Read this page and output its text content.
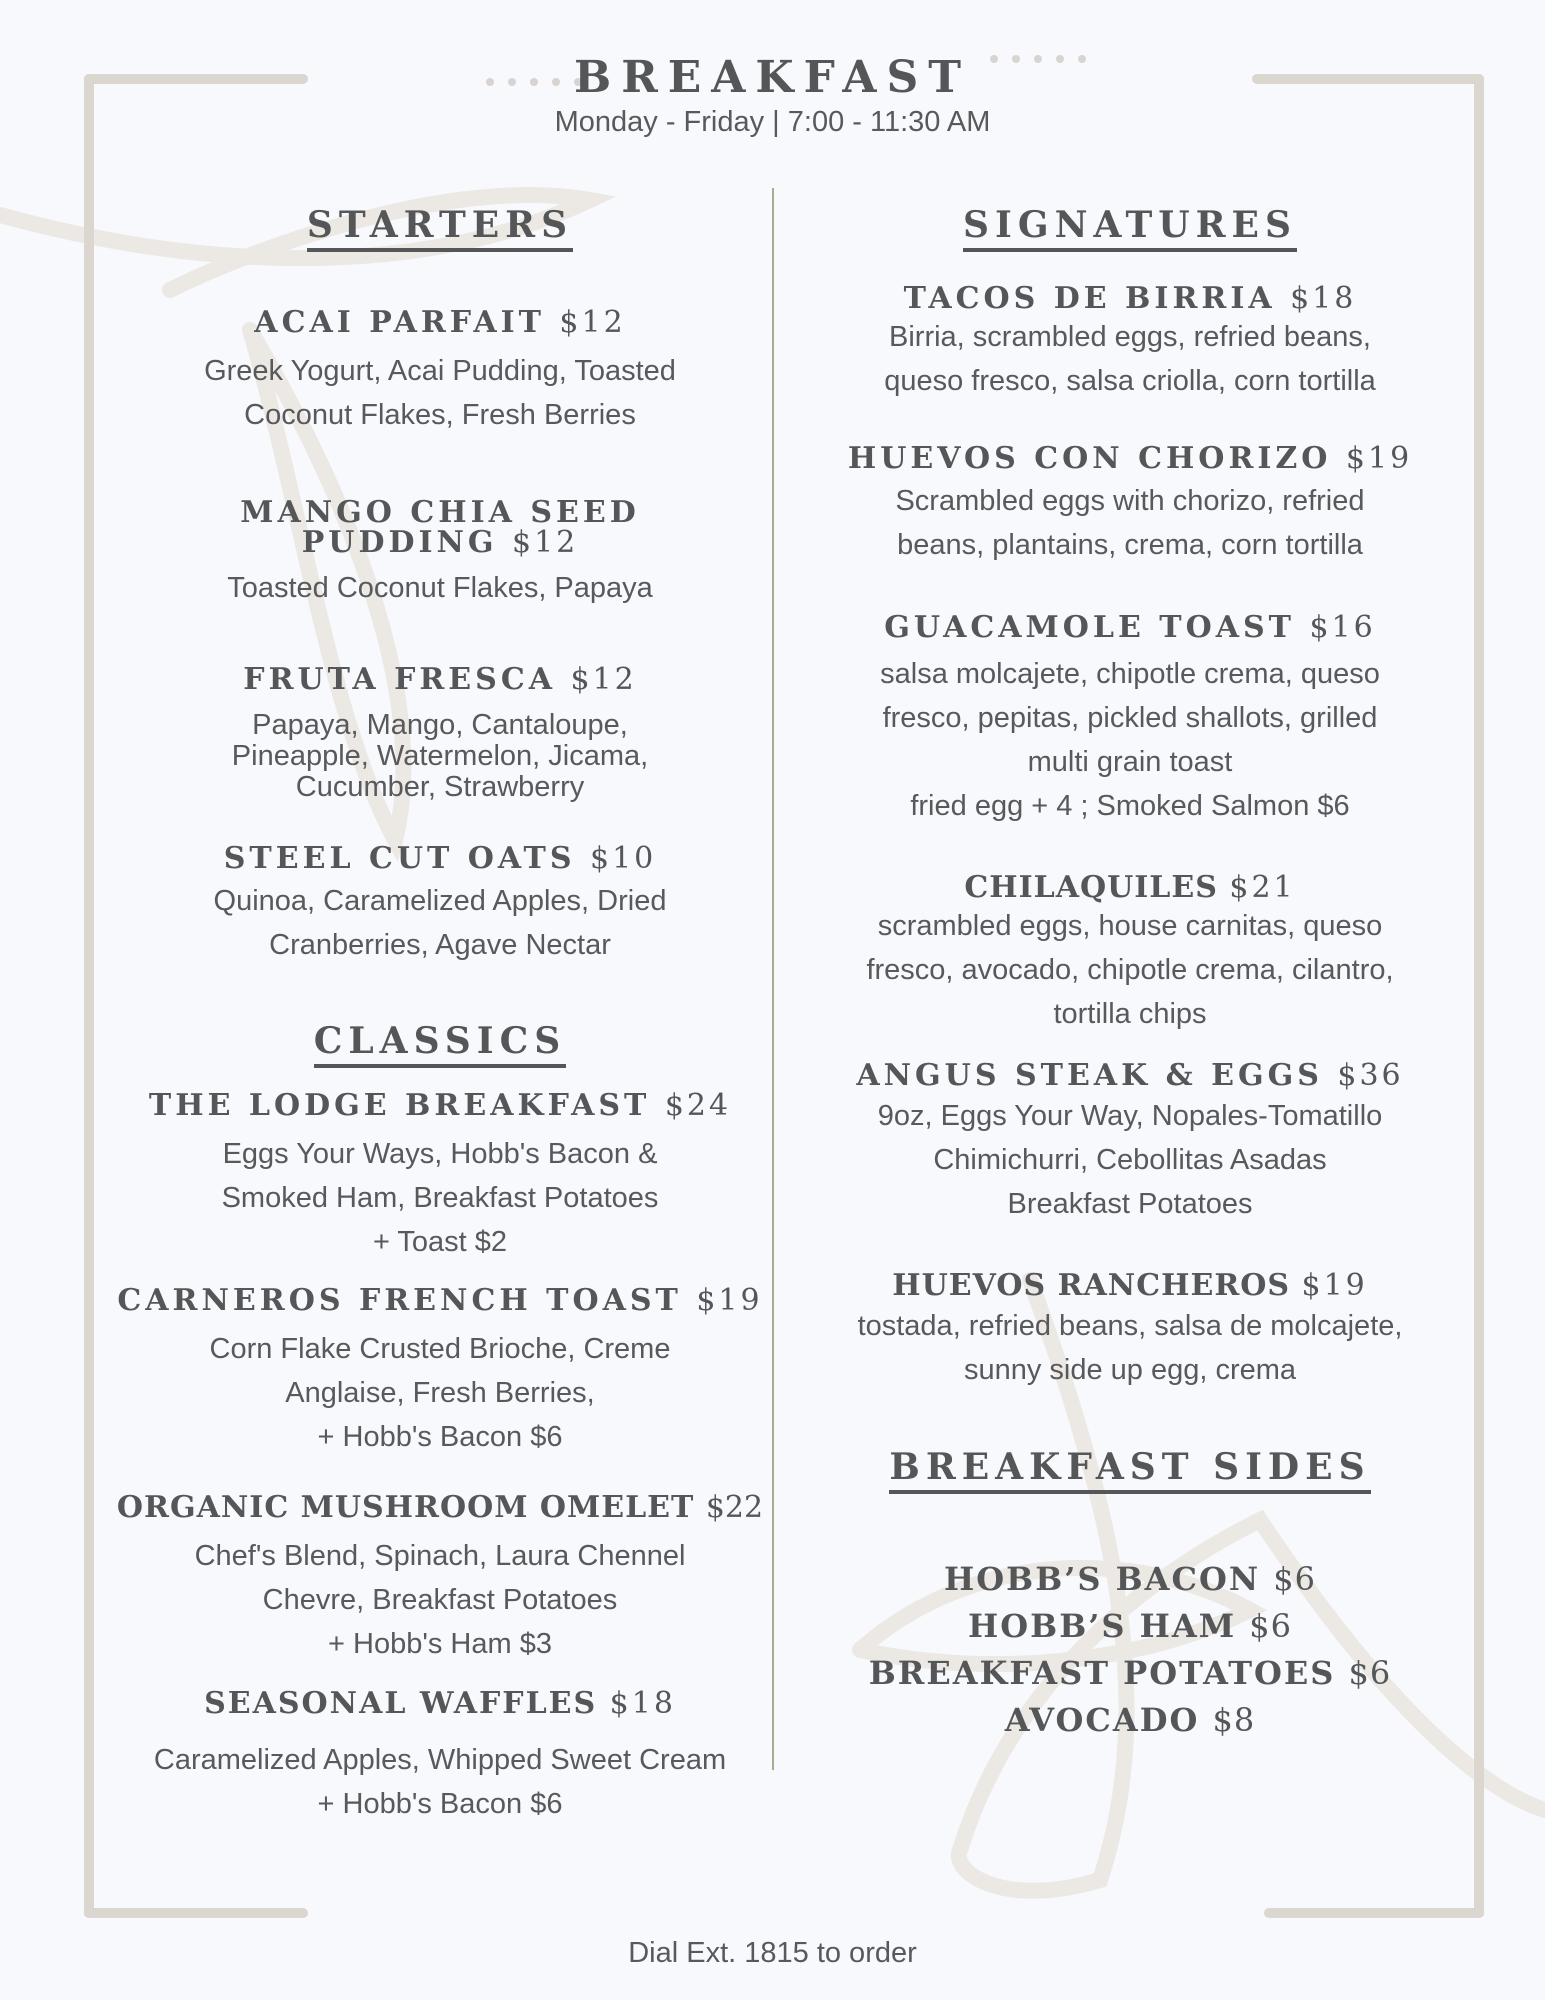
BREAKFAST
Monday - Friday | 7:00 - 11:30 AM
STARTERS
ACAI PARFAIT $12
Greek Yogurt, Acai Pudding, Toasted
Coconut Flakes, Fresh Berries
MANGO CHIA SEED
PUDDING $12
Toasted Coconut Flakes, Papaya
FRUTA FRESCA $12
Papaya, Mango, Cantaloupe,
Pineapple, Watermelon, Jicama,
Cucumber, Strawberry
STEEL CUT OATS $10
Quinoa, Caramelized Apples, Dried
Cranberries, Agave Nectar
CLASSICS
THE LODGE BREAKFAST $24
Eggs Your Ways, Hobb's Bacon &
Smoked Ham, Breakfast Potatoes
+ Toast $2
CARNEROS FRENCH TOAST $19
Corn Flake Crusted Brioche, Creme
Anglaise, Fresh Berries,
+ Hobb's Bacon $6
ORGANIC MUSHROOM OMELET $22
Chef's Blend, Spinach, Laura Chennel
Chevre, Breakfast Potatoes
+ Hobb's Ham $3
SEASONAL WAFFLES $18
Caramelized Apples, Whipped Sweet Cream
+ Hobb's Bacon $6
SIGNATURES
TACOS DE BIRRIA $18
Birria, scrambled eggs, refried beans,
queso fresco, salsa criolla, corn tortilla
HUEVOS CON CHORIZO $19
Scrambled eggs with chorizo, refried
beans, plantains, crema, corn tortilla
GUACAMOLE TOAST $16
salsa molcajete, chipotle crema, queso
fresco, pepitas, pickled shallots, grilled
multi grain toast
fried egg + 4 ; Smoked Salmon $6
CHILAQUILES $21
scrambled eggs, house carnitas, queso
fresco, avocado, chipotle crema, cilantro,
tortilla chips
ANGUS STEAK & EGGS $36
9oz, Eggs Your Way, Nopales-Tomatillo
Chimichurri, Cebollitas Asadas
Breakfast Potatoes
HUEVOS RANCHEROS $19
tostada, refried beans, salsa de molcajete,
sunny side up egg, crema
BREAKFAST SIDES
HOBB’S BACON $6
HOBB’S HAM $6
BREAKFAST POTATOES $6
AVOCADO $8
Dial Ext. 1815 to order
